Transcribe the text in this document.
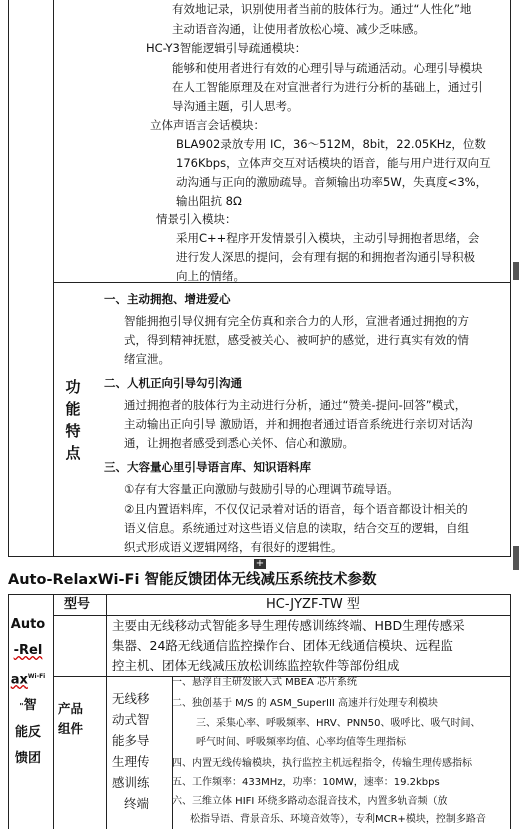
功能特点
有效地记录，识别使用者当前的肢体行为。通过“人性化”地
主动语音沟通，让使用者放松心境、减少乏味感。
HC-Y3智能逻辑引导疏通模块：
能够和使用者进行有效的心理引导与疏通活动。心理引导模块
在人工智能原理及在对宣泄者行为进行分析的基础上，通过引
导沟通主题，引人思考。
立体声语言会话模块：
BLA902录放专用 IC，36～512M，8bit，22.05KHz，位数
176Kbps，立体声交互对话模块的语音，能与用户进行双向互
动沟通与正向的激励疏导。音频输出功率5W，失真度<3%，
输出阻抗 8Ω
情景引入模块：
采用C++程序开发情景引入模块，主动引导拥抱者思绪，会
进行发人深思的提问，会有理有据的和拥抱者沟通引导积极
向上的情绪。
一、主动拥抱、增进爱心
智能拥抱引导仪拥有完全仿真和亲合力的人形，宣泄者通过拥抱的方
式，得到精神抚慰，感受被关心、被呵护的感觉，进行真实有效的情
绪宣泄。
二、人机正向引导勾引沟通
通过拥抱者的肢体行为主动进行分析，通过“赞美-提问-回答”模式，
主动输出正向引导 激励语，并和拥抱者通过语音系统进行亲切对话沟
通，让拥抱者感受到悉心关怀、信心和激励。
三、大容量心里引导语言库、知识语料库
①存有大容量正向激励与鼓励引导的心理调节疏导语。
②且内置语料库，不仅仅记录着对话的语音，每个语音都设计相关的
语义信息。系统通过对这些语义信息的读取，结合交互的逻辑，自组
织式形成语义逻辑网络，有很好的逻辑性。
+
Auto-RelaxWi-Fi 智能反馈团体无线减压系统技术参数
Auto
-Rel
$ax^{Wi-Fi}$
"智
能反
馈团
型号	HC-JYZF-TW 型
主要由无线移动式智能多导生理传感训练终端、HBD生理传感采
集器、24路无线通信监控操作台、团体无线通信模块、远程监
控主机、团体无线减压放松训练监控软件等部份组成
产品
组件
无线移
动式智
能多导
生理传
感训练
终端
一、悬浮自主研发嵌入式 MBEA 芯片系统
二、独创基于 M/S 的 ASM_SuperIII 高速并行处理专利模块
三、采集心率、呼吸频率、HRV、PNN50、吸呼比、吸气时间、
呼气时间、呼吸频率均值、心率均值等生理指标
四、内置无线传输模块，执行监控主机远程指令，传输生理传感指标
五、工作频率：433MHz，功率：10MW，速率：19.2kbps
六、三维立体 HIFI 环绕多路动态混音技术，内置多轨音频（放
松指导语、背景音乐、环境音效等），专利MCR+模块，控制多路音
